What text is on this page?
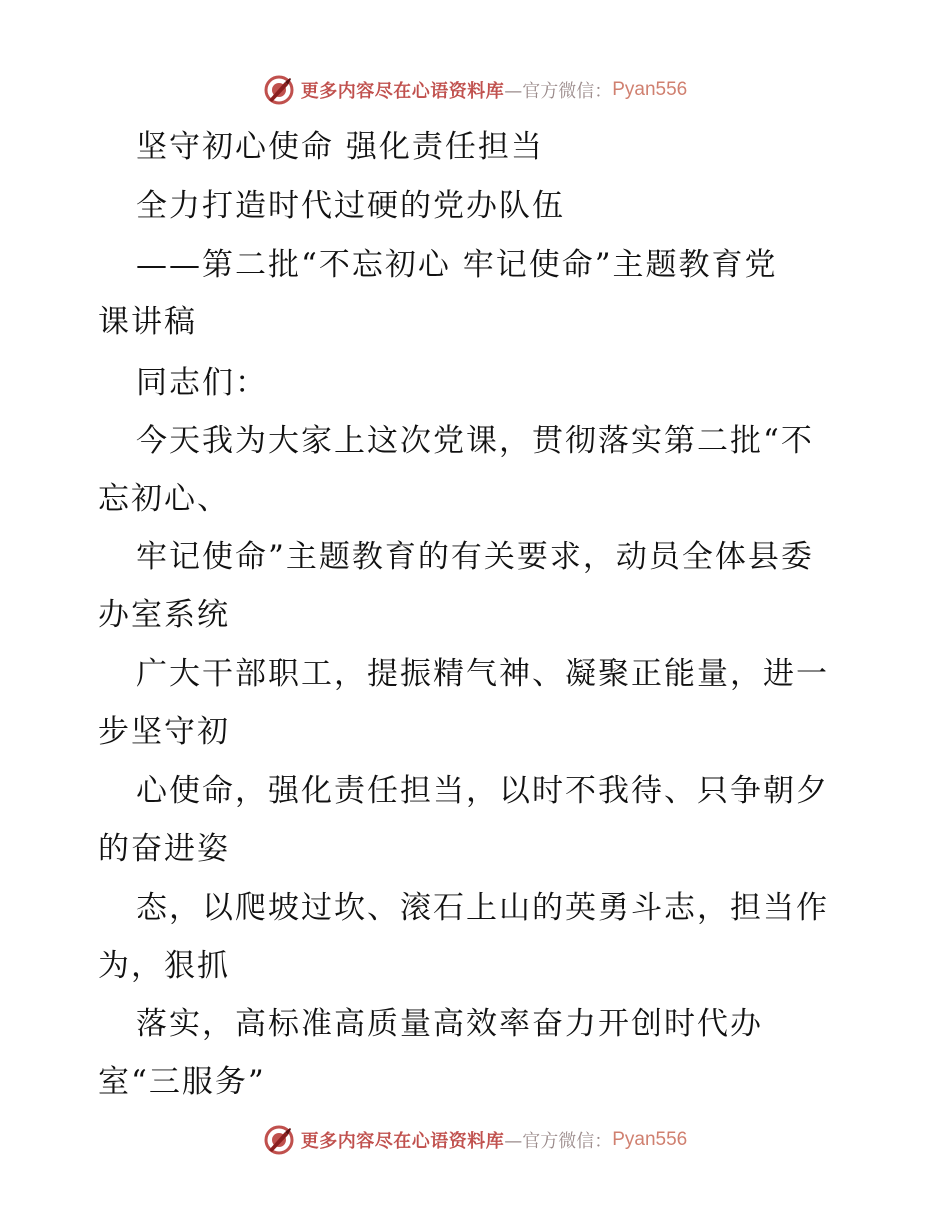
更多内容尽在心语资料库 —官方微信： Pyan556
坚守初心使命 强化责任担当
全力打造时代过硬的党办队伍
——第二批“不忘初心 牢记使命”主题教育党
课讲稿
同志们：
今天我为大家上这次党课，贯彻落实第二批“不
忘初心、
牢记使命”主题教育的有关要求，动员全体县委
办室系统
广大干部职工，提振精气神、凝聚正能量，进一
步坚守初
心使命，强化责任担当，以时不我待、只争朝夕
的奋进姿
态，以爬坡过坎、滚石上山的英勇斗志，担当作
为，狠抓
落实，高标准高质量高效率奋力开创时代办
室“三服务”
更多内容尽在心语资料库 —官方微信： Pyan556
